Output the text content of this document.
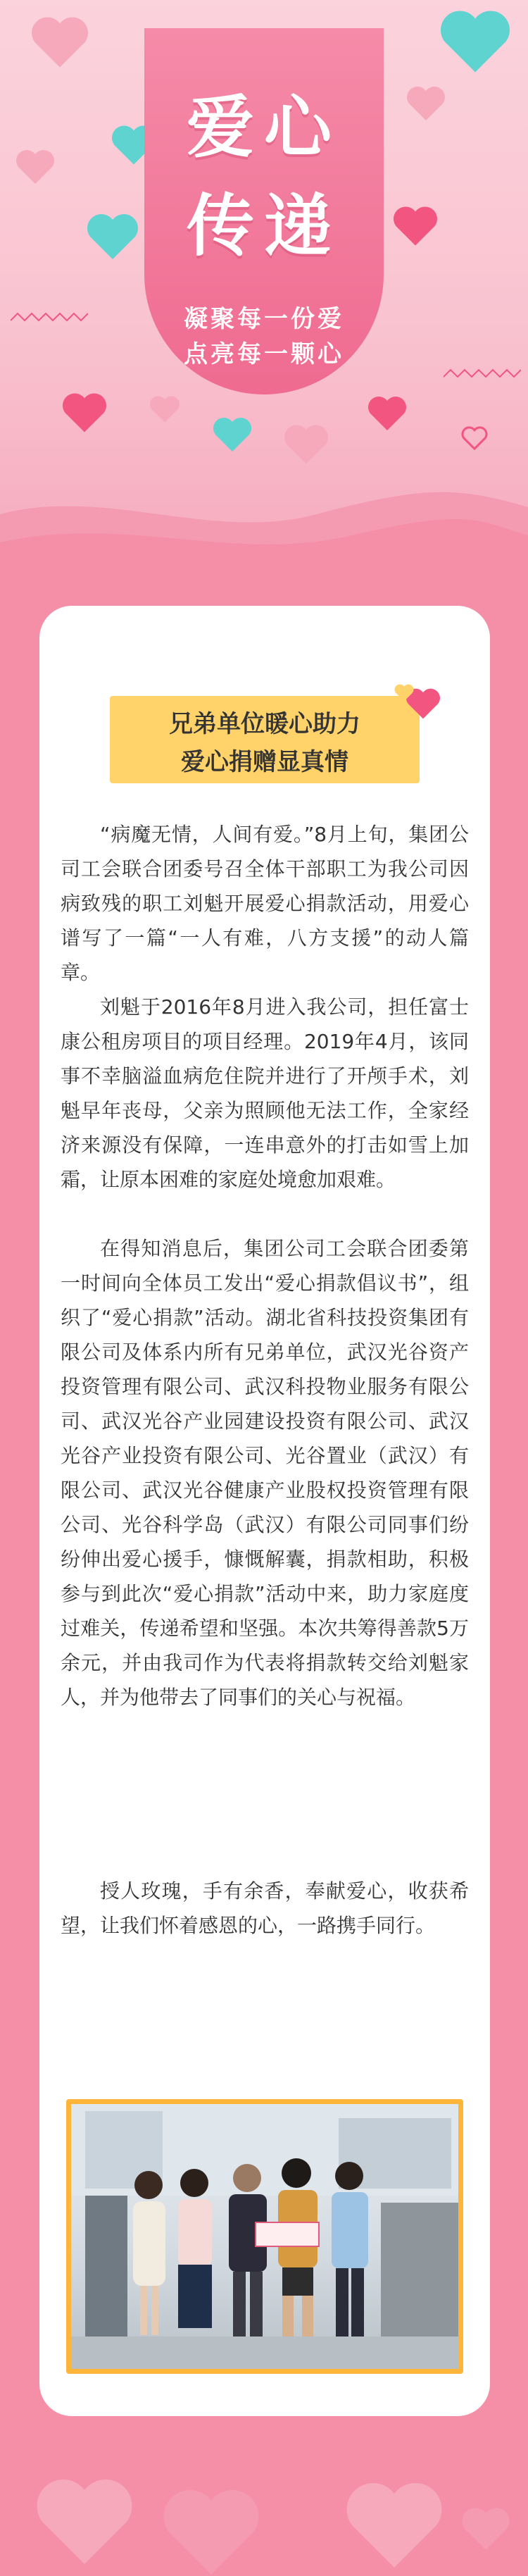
爱心
传递
凝聚每一份爱
点亮每一颗心
兄弟单位暖心助力
爱心捐赠显真情

“病魔无情，人间有爱。”8月上旬，集团公司工会联合团委号召全体干部职工为我公司因病致残的职工刘魁开展爱心捐款活动，用爱心谱写了一篇“一人有难，八方支援”的动人篇章。

刘魁于2016年8月进入我公司，担任富士康公租房项目的项目经理。2019年4月，该同事不幸脑溢血病危住院并进行了开颅手术，刘魁早年丧母，父亲为照顾他无法工作，全家经济来源没有保障，一连串意外的打击如雪上加霜，让原本困难的家庭处境愈加艰难。

在得知消息后，集团公司工会联合团委第一时间向全体员工发出“爱心捐款倡议书”，组织了“爱心捐款”活动。湖北省科技投资集团有限公司及体系内所有兄弟单位，武汉光谷资产投资管理有限公司、武汉科投物业服务有限公司、武汉光谷产业园建设投资有限公司、武汉光谷产业投资有限公司、光谷置业（武汉）有限公司、武汉光谷健康产业股权投资管理有限公司、光谷科学岛（武汉）有限公司同事们纷纷伸出爱心援手，慷慨解囊，捐款相助，积极参与到此次“爱心捐款”活动中来，助力家庭度过难关，传递希望和坚强。本次共筹得善款5万余元，并由我司作为代表将捐款转交给刘魁家人，并为他带去了同事们的关心与祝福。

授人玫瑰，手有余香，奉献爱心，收获希望，让我们怀着感恩的心，一路携手同行。
